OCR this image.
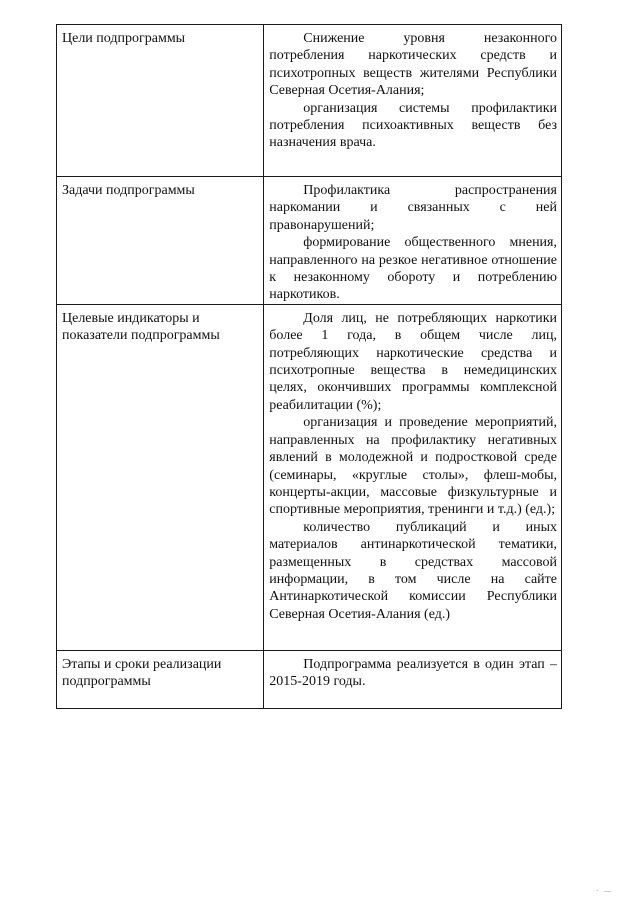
Цели подпрограммы	Снижение уровня незаконного потребления наркотических средств и психотропных веществ жителями Республики Северная Осетия-Алания;

организация системы профилактики потребления психоактивных веществ без назначения врача.

Задачи подпрограммы	Профилактика распространения наркомании и связанных с ней правонарушений;

формирование общественного мнения, направленного на резкое негативное отношение к незаконному обороту и потреблению наркотиков.

Целевые индикаторы и показатели подпрограммы	Доля лиц, не потребляющих наркотики более 1 года, в общем числе лиц, потребляющих наркотические средства и психотропные вещества в немедицинских целях, окончивших программы комплексной реабилитации (%);

организация и проведение мероприятий, направленных на профилактику негативных явлений в молодежной и подростковой среде (семинары, «круглые столы», флеш-мобы, концерты-акции, массовые физкультурные и спортивные мероприятия, тренинги и т.д.) (ед.);

количество публикаций и иных материалов антинаркотической тематики, размещенных в средствах массовой информации, в том числе на сайте Антинаркотической комиссии Республики Северная Осетия-Алания (ед.)

Этапы и сроки реализации подпрограммы	Подпрограмма реализуется в один этап – 2015-2019 годы.

· —
